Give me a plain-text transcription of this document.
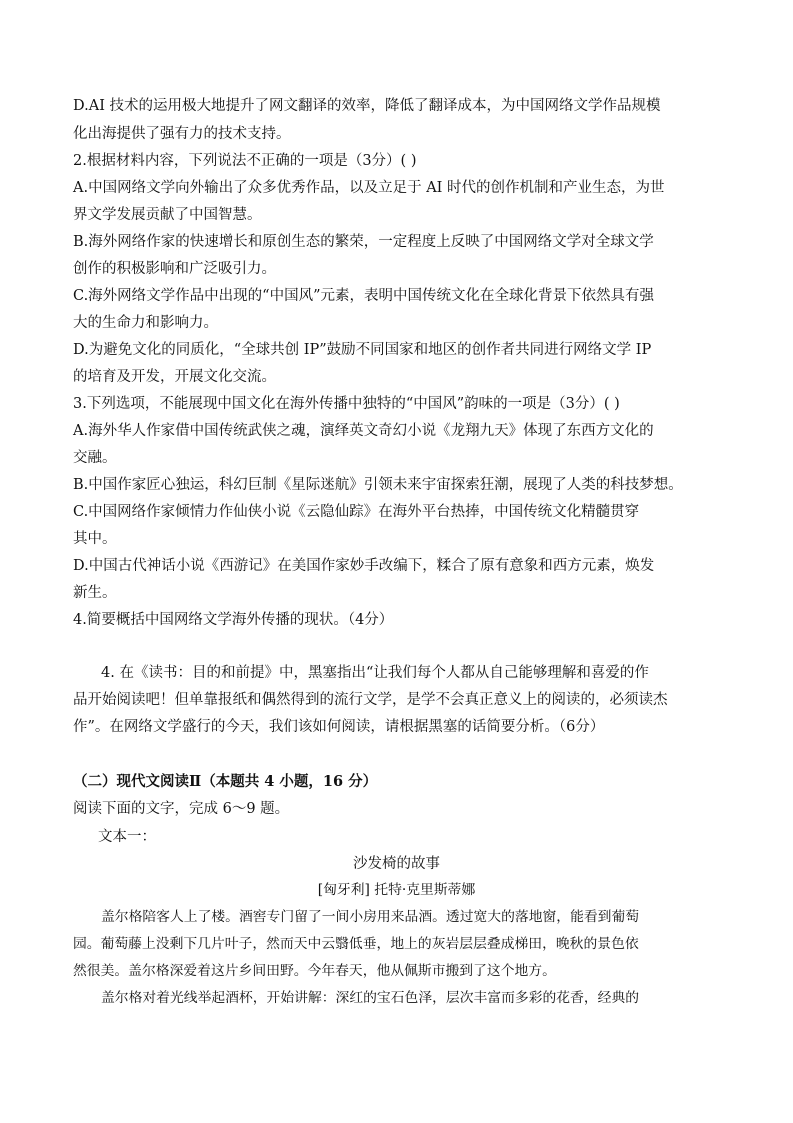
D.AI 技术的运用极大地提升了网文翻译的效率，降低了翻译成本，为中国网络文学作品规模
化出海提供了强有力的技术支持。
2.根据材料内容，下列说法不正确的一项是（3分）( )
A.中国网络文学向外输出了众多优秀作品，以及立足于 AI 时代的创作机制和产业生态，为世
界文学发展贡献了中国智慧。
B.海外网络作家的快速增长和原创生态的繁荣，一定程度上反映了中国网络文学对全球文学
创作的积极影响和广泛吸引力。
C.海外网络文学作品中出现的“中国风”元素，表明中国传统文化在全球化背景下依然具有强
大的生命力和影响力。
D.为避免文化的同质化，“全球共创 IP”鼓励不同国家和地区的创作者共同进行网络文学 IP
的培育及开发，开展文化交流。
3.下列选项，不能展现中国文化在海外传播中独特的“中国风”韵味的一项是（3分）( )
A.海外华人作家借中国传统武侠之魂，演绎英文奇幻小说《龙翔九天》体现了东西方文化的
交融。
B.中国作家匠心独运，科幻巨制《星际迷航》引领未来宇宙探索狂潮，展现了人类的科技梦想。
C.中国网络作家倾情力作仙侠小说《云隐仙踪》在海外平台热捧，中国传统文化精髓贯穿
其中。
D.中国古代神话小说《西游记》在美国作家妙手改编下，糅合了原有意象和西方元素，焕发
新生。
4.简要概括中国网络文学海外传播的现状。（4分）
4. 在《读书：目的和前提》中，黑塞指出“让我们每个人都从自己能够理解和喜爱的作
品开始阅读吧！但单靠报纸和偶然得到的流行文学，是学不会真正意义上的阅读的，必须读杰
作”。在网络文学盛行的今天，我们该如何阅读，请根据黑塞的话简要分析。（6分）
（二）现代文阅读Ⅱ（本题共 4 小题，16 分）
阅读下面的文字，完成 6～9 题。
文本一：
沙发椅的故事
[匈牙利] 托特·克里斯蒂娜
盖尔格陪客人上了楼。酒窖专门留了一间小房用来品酒。透过宽大的落地窗，能看到葡萄
园。葡萄藤上没剩下几片叶子，然而天中云翳低垂，地上的灰岩层层叠成梯田，晚秋的景色依
然很美。盖尔格深爱着这片乡间田野。今年春天，他从佩斯市搬到了这个地方。
盖尔格对着光线举起酒杯，开始讲解：深红的宝石色泽，层次丰富而多彩的花香，经典的
